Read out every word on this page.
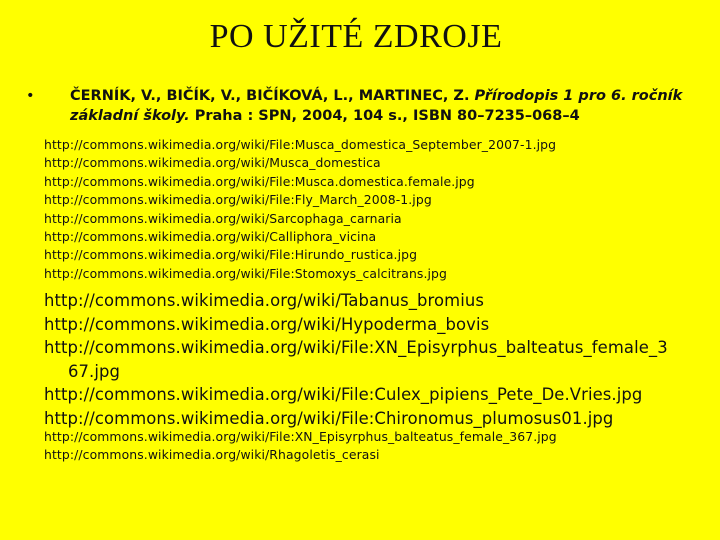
PO UŽITÉ ZDROJE
• ČERNÍK, V., BIČÍK, V., BIČÍKOVÁ, L., MARTINEC, Z. Přírodopis 1 pro 6. ročník základní školy. Praha : SPN, 2004, 104 s., ISBN 80–7235–068–4
http://commons.wikimedia.org/wiki/File:Musca_domestica_September_2007-1.jpg
http://commons.wikimedia.org/wiki/Musca_domestica
http://commons.wikimedia.org/wiki/File:Musca.domestica.female.jpg
http://commons.wikimedia.org/wiki/File:Fly_March_2008-1.jpg
http://commons.wikimedia.org/wiki/Sarcophaga_carnaria
http://commons.wikimedia.org/wiki/Calliphora_vicina
http://commons.wikimedia.org/wiki/File:Hirundo_rustica.jpg
http://commons.wikimedia.org/wiki/File:Stomoxys_calcitrans.jpg
http://commons.wikimedia.org/wiki/Tabanus_bromius
http://commons.wikimedia.org/wiki/Hypoderma_bovis
http://commons.wikimedia.org/wiki/File:XN_Episyrphus_balteatus_female_3
67.jpg
http://commons.wikimedia.org/wiki/File:Culex_pipiens_Pete_De.Vries.jpg
http://commons.wikimedia.org/wiki/File:Chironomus_plumosus01.jpg
http://commons.wikimedia.org/wiki/File:XN_Episyrphus_balteatus_female_367.jpg
http://commons.wikimedia.org/wiki/Rhagoletis_cerasi
